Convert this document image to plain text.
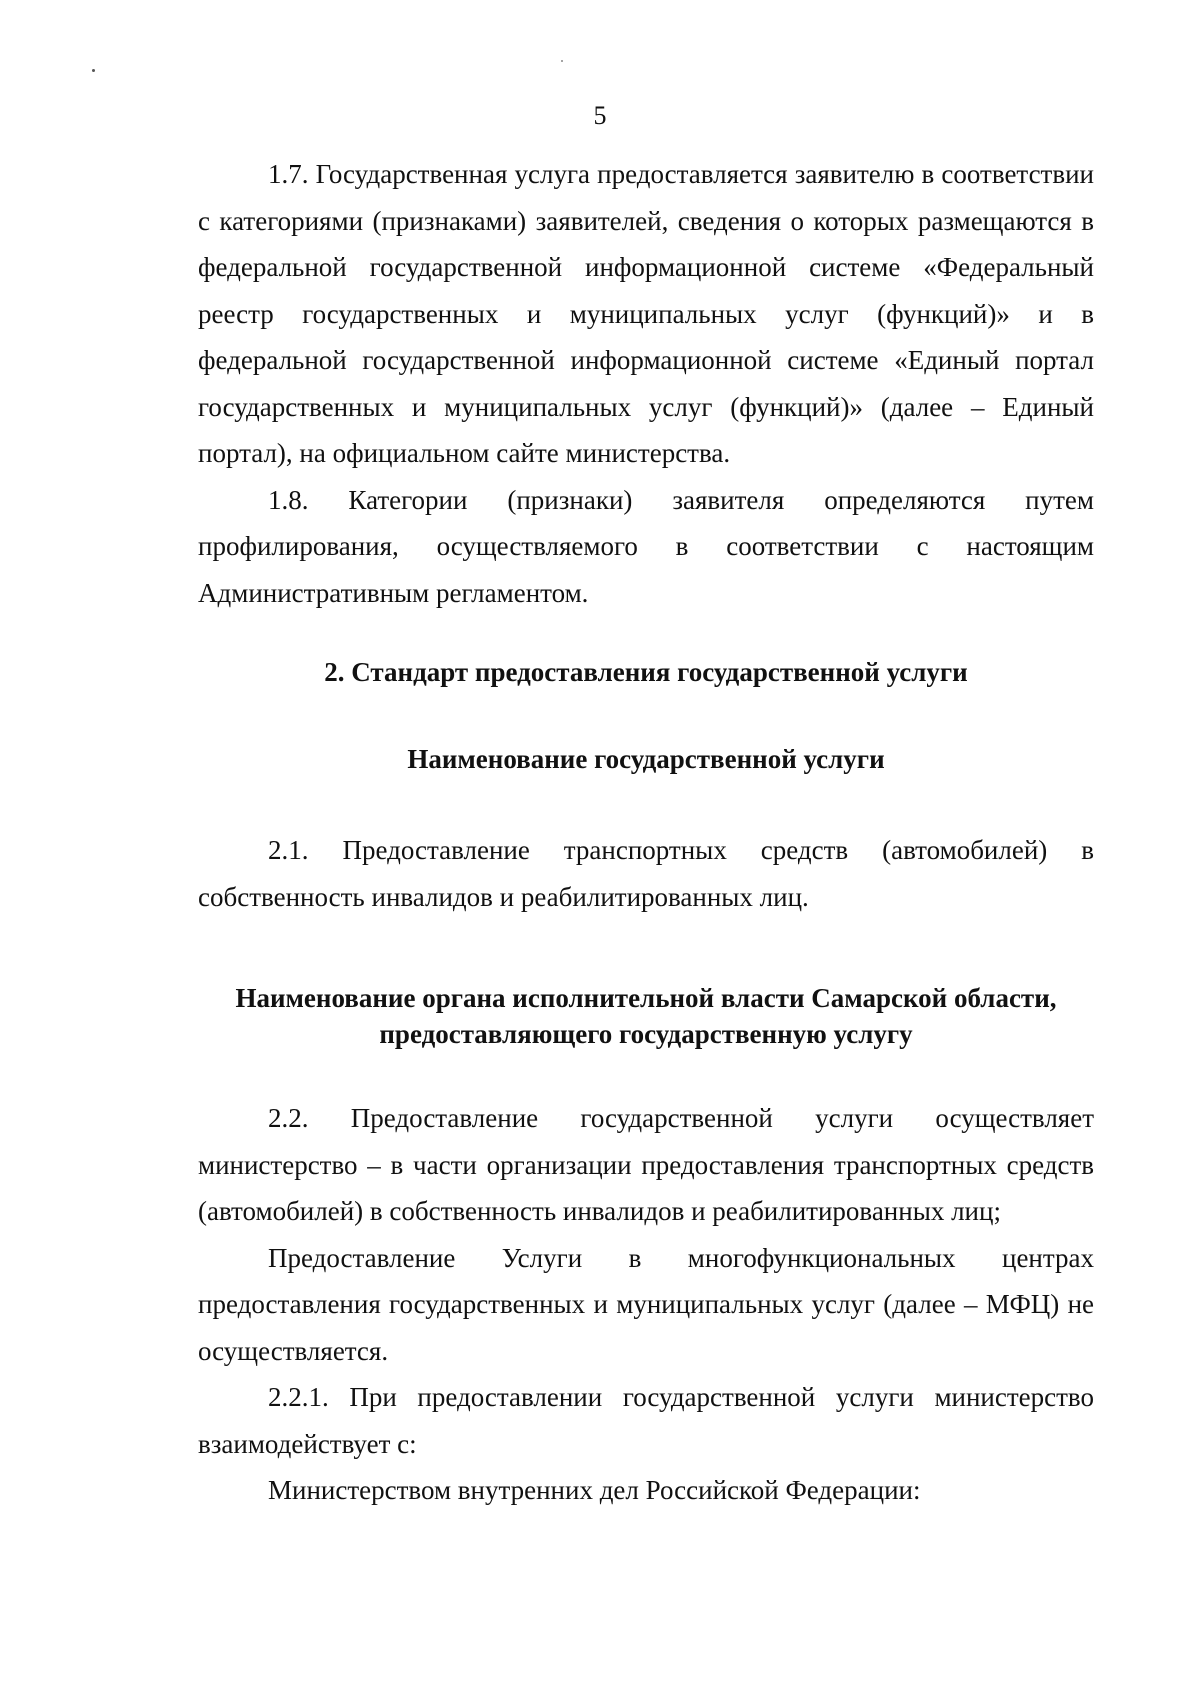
5

1.7. Государственная услуга предоставляется заявителю в соответствии с категориями (признаками) заявителей, сведения о которых размещаются в федеральной государственной информационной системе «Федеральный реестр государственных и муниципальных услуг (функций)» и в федеральной государственной информационной системе «Единый портал государственных и муниципальных услуг (функций)» (далее – Единый портал), на официальном сайте министерства.

1.8. Категории (признаки) заявителя определяются путем профилирования, осуществляемого в соответствии с настоящим Административным регламентом.

2. Стандарт предоставления государственной услуги
Наименование государственной услуги

2.1. Предоставление транспортных средств (автомобилей) в собственность инвалидов и реабилитированных лиц.

Наименование органа исполнительной власти Самарской области,
предоставляющего государственную услугу

2.2. Предоставление государственной услуги осуществляет министерство – в части организации предоставления транспортных средств (автомобилей) в собственность инвалидов и реабилитированных лиц;

Предоставление Услуги в многофункциональных центрах предоставления государственных и муниципальных услуг (далее – МФЦ) не осуществляется.

2.2.1. При предоставлении государственной услуги министерство взаимодействует с:

Министерством внутренних дел Российской Федерации:
